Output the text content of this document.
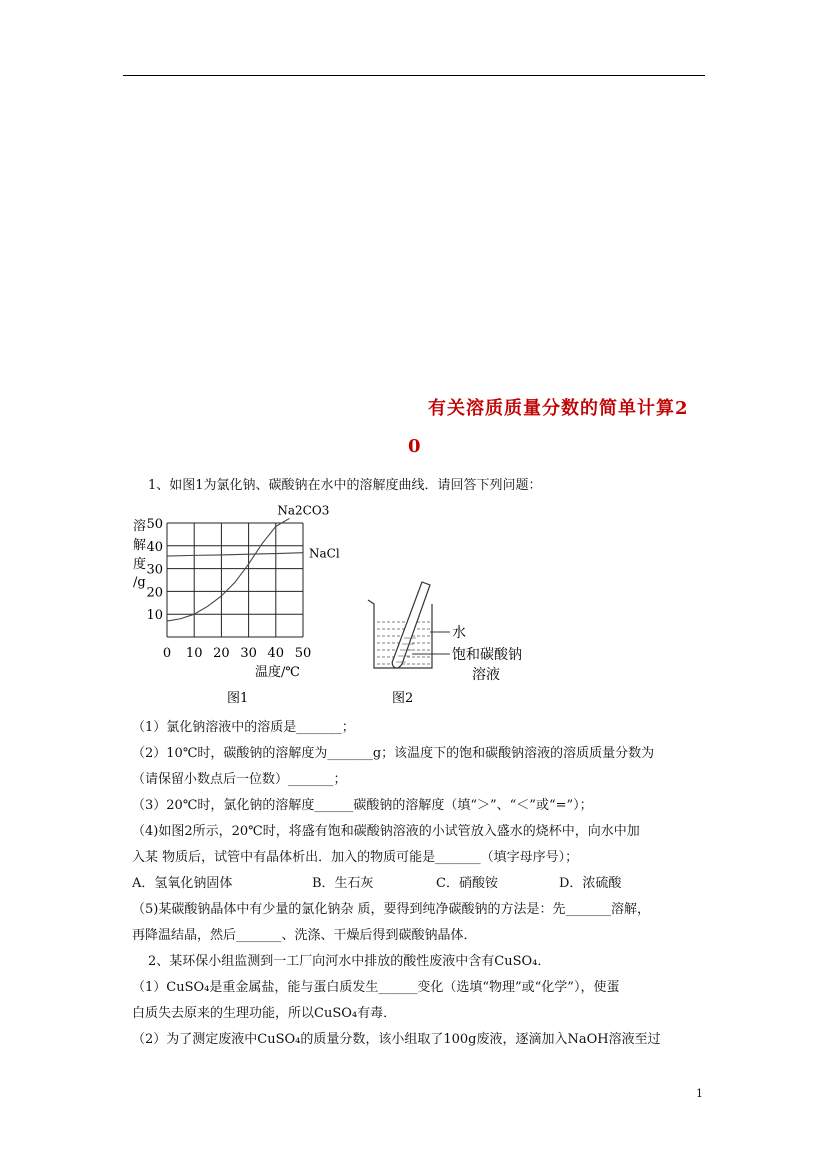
有关溶质质量分数的简单计算2
0
1、如图1为氯化钠、碳酸钠在水中的溶解度曲线．请回答下列问题：
Na2CO3
NaCl
0 10 20 30 40 50
10
20
30
40
50
溶
解
度
/g
温度/℃
图1
水
饱和碳酸钠
溶液
图2
（1）氯化钠溶液中的溶质是_______；
（2）10℃时，碳酸钠的溶解度为_______g；该温度下的饱和碳酸钠溶液的溶质质量分数为
（请保留小数点后一位数）_______；
（3）20℃时，氯化钠的溶解度______碳酸钠的溶解度（填“＞”、“＜”或“=”）；
（4)如图2所示，20℃时，将盛有饱和碳酸钠溶液的小试管放入盛水的烧杯中，向水中加
入某 物质后，试管中有晶体析出．加入的物质可能是_______（填字母序号）；
A．氢氧化钠固体	B．生石灰	C．硝酸铵	D．浓硫酸
（5)某碳酸钠晶体中有少量的氯化钠杂 质，要得到纯净碳酸钠的方法是：先_______溶解，
再降温结晶，然后_______、洗涤、干燥后得到碳酸钠晶体．
2、某环保小组监测到一工厂向河水中排放的酸性废液中含有CuSO₄．
（1）CuSO₄是重金属盐，能与蛋白质发生______变化（选填“物理”或“化学”），使蛋
白质失去原来的生理功能，所以CuSO₄有毒．
（2）为了测定废液中CuSO₄的质量分数，该小组取了100g废液，逐滴加入NaOH溶液至过
1
